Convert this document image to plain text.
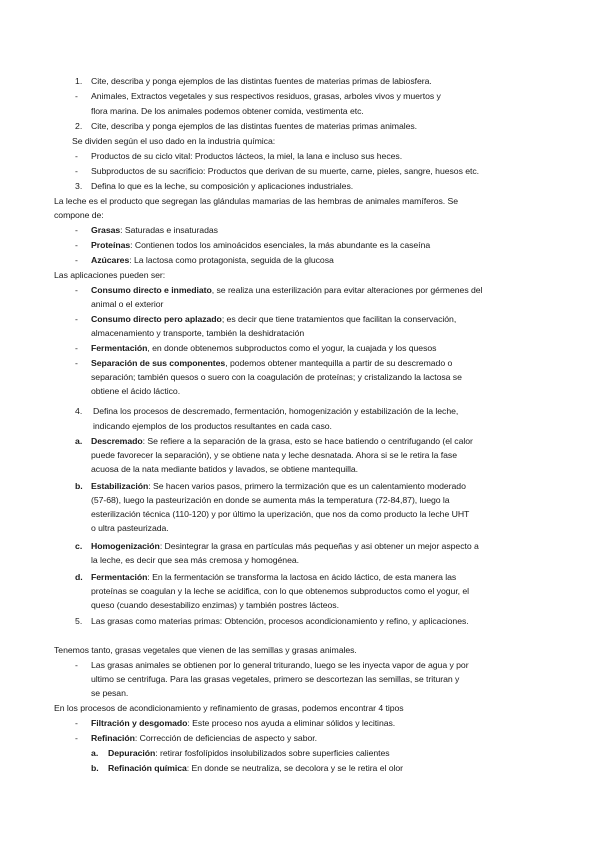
1. Cite, describa y ponga ejemplos de las distintas fuentes de materias primas de labiosfera.
- Animales, Extractos vegetales y sus respectivos residuos, grasas, arboles vivos y muertos y
flora marina. De los animales podemos obtener comida, vestimenta etc.
2. Cite, describa y ponga ejemplos de las distintas fuentes de materias primas animales.
Se dividen según el uso dado en la industria química:
- Productos de su ciclo vital: Productos lácteos, la miel, la lana e incluso sus heces.
- Subproductos de su sacrificio: Productos que derivan de su muerte, carne, pieles, sangre, huesos etc.
3. Defina lo que es la leche, su composición y aplicaciones industriales.
La leche es el producto que segregan las glándulas mamarias de las hembras de animales mamíferos. Se
compone de:
- Grasas: Saturadas e insaturadas
- Proteínas: Contienen todos los aminoácidos esenciales, la más abundante es la caseína
- Azúcares: La lactosa como protagonista, seguida de la glucosa
Las aplicaciones pueden ser:
- Consumo directo e inmediato, se realiza una esterilización para evitar alteraciones por gérmenes del
animal o el exterior
- Consumo directo pero aplazado; es decir que tiene tratamientos que facilitan la conservación,
almacenamiento y transporte, también la deshidratación
- Fermentación, en donde obtenemos subproductos como el yogur, la cuajada y los quesos
- Separación de sus componentes, podemos obtener mantequilla a partir de su descremado o
separación; también quesos o suero con la coagulación de proteínas; y cristalizando la lactosa se
obtiene el ácido láctico.
4. Defina los procesos de descremado, fermentación, homogenización y estabilización de la leche,
indicando ejemplos de los productos resultantes en cada caso.
a. Descremado: Se refiere a la separación de la grasa, esto se hace batiendo o centrifugando (el calor
puede favorecer la separación), y se obtiene nata y leche desnatada. Ahora si se le retira la fase
acuosa de la nata mediante batidos y lavados, se obtiene mantequilla.
b. Estabilización: Se hacen varios pasos, primero la termización que es un calentamiento moderado
(57-68), luego la pasteurización en donde se aumenta más la temperatura (72-84,87), luego la
esterilización técnica (110-120) y por último la uperización, que nos da como producto la leche UHT
o ultra pasteurizada.
c. Homogenización: Desintegrar la grasa en partículas más pequeñas y asi obtener un mejor aspecto a
la leche, es decir que sea más cremosa y homogénea.
d. Fermentación: En la fermentación se transforma la lactosa en ácido láctico, de esta manera las
proteínas se coagulan y la leche se acidifica, con lo que obtenemos subproductos como el yogur, el
queso (cuando desestabilizo enzimas) y también postres lácteos.
5. Las grasas como materias primas: Obtención, procesos acondicionamiento y refino, y aplicaciones.
Tenemos tanto, grasas vegetales que vienen de las semillas y grasas animales.
- Las grasas animales se obtienen por lo general triturando, luego se les inyecta vapor de agua y por
ultimo se centrifuga. Para las grasas vegetales, primero se descortezan las semillas, se trituran y
se pesan.
En los procesos de acondicionamiento y refinamiento de grasas, podemos encontrar 4 tipos
- Filtración y desgomado: Este proceso nos ayuda a eliminar sólidos y lecitinas.
- Refinación: Corrección de deficiencias de aspecto y sabor.
a. Depuración: retirar fosfolípidos insolubilizados sobre superficies calientes
b. Refinación química: En donde se neutraliza, se decolora y se le retira el olor
